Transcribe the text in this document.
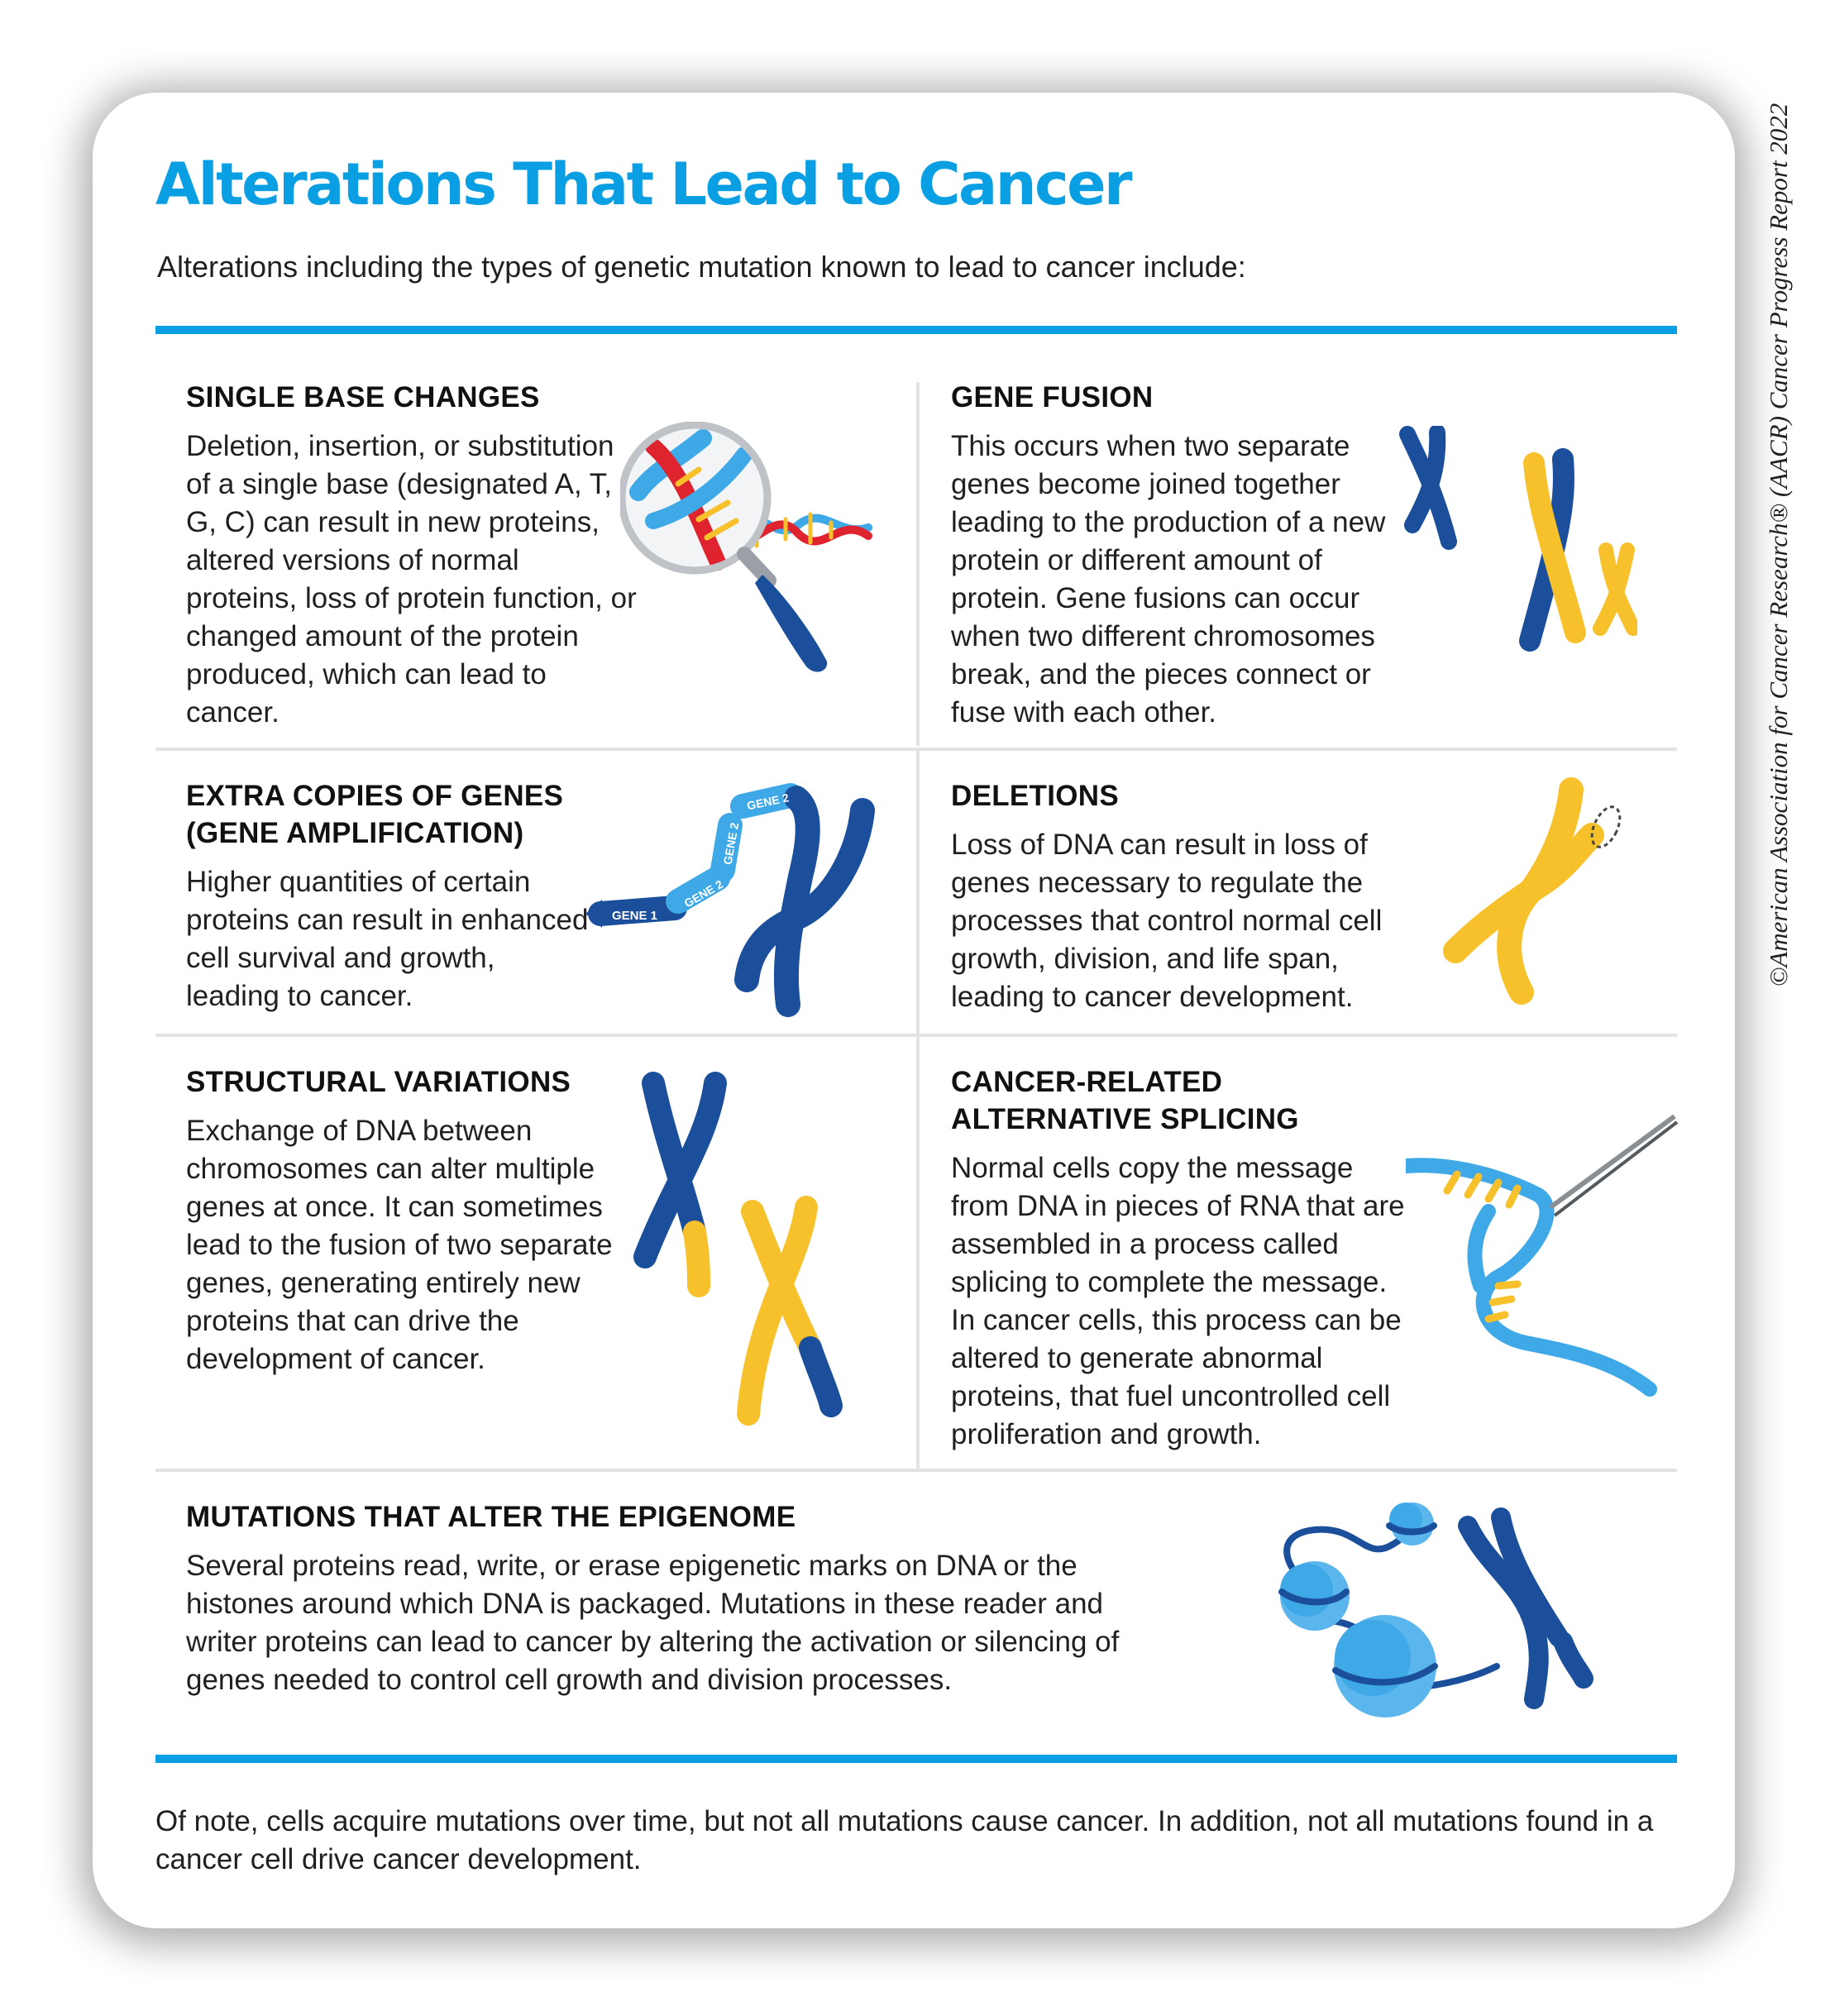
©American Association for Cancer Research® (AACR) Cancer Progress Report 2022
Alterations That Lead to Cancer
Alterations including the types of genetic mutation known to lead to cancer include:
SINGLE BASE CHANGES

Deletion, insertion, or substitution of a single base (designated A, T, G, C) can result in new proteins, altered versions of normal proteins, loss of protein function, or changed amount of the protein produced, which can lead to cancer.

GENE FUSION

This occurs when two separate genes become joined together leading to the production of a new protein or different amount of protein. Gene fusions can occur when two different chromosomes break, and the pieces connect or fuse with each other.

EXTRA COPIES OF GENES (GENE AMPLIFICATION)

Higher quantities of certain proteins can result in enhanced cell survival and growth, leading to cancer.

GENE 1
GENE 2
GENE 2
GENE 2	DELETIONS

Loss of DNA can result in loss of genes necessary to regulate the processes that control normal cell growth, division, and life span, leading to cancer development.

STRUCTURAL VARIATIONS

Exchange of DNA between chromosomes can alter multiple genes at once. It can sometimes lead to the fusion of two separate genes, generating entirely new proteins that can drive the development of cancer.

CANCER-RELATED ALTERNATIVE SPLICING

Normal cells copy the message from DNA in pieces of RNA that are assembled in a process called splicing to complete the message. In cancer cells, this process can be altered to generate abnormal proteins, that fuel uncontrolled cell proliferation and growth.

MUTATIONS THAT ALTER THE EPIGENOME

Several proteins read, write, or erase epigenetic marks on DNA or the histones around which DNA is packaged. Mutations in these reader and writer proteins can lead to cancer by altering the activation or silencing of genes needed to control cell growth and division processes.

Of note, cells acquire mutations over time, but not all mutations cause cancer. In addition, not all mutations found in a cancer cell drive cancer development.
